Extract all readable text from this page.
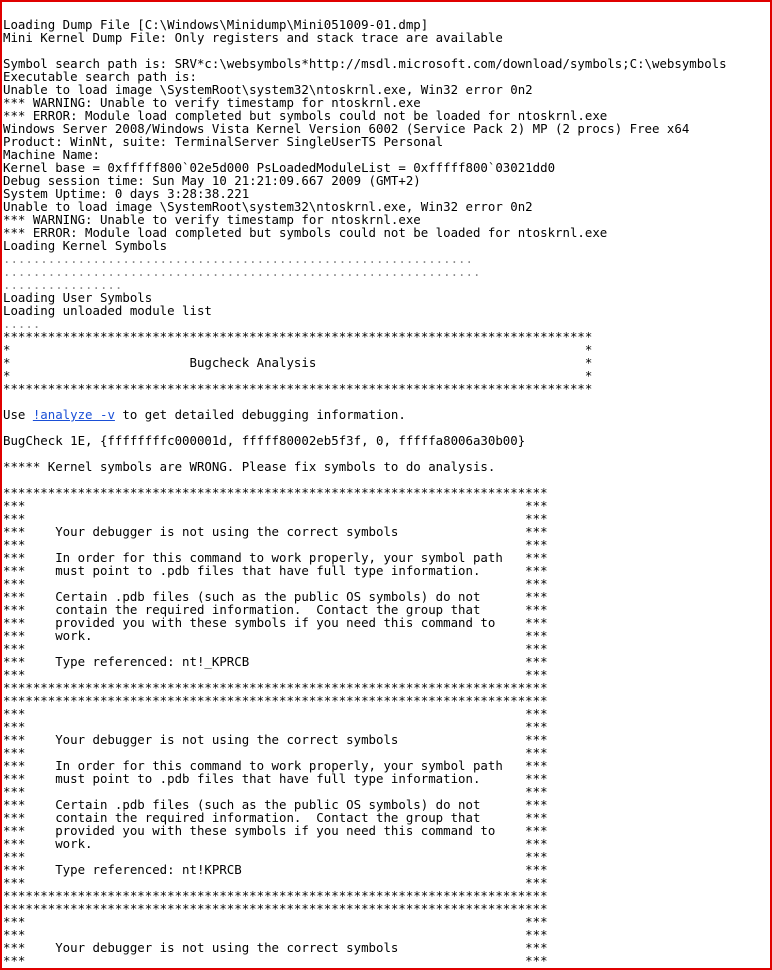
Loading Dump File [C:\Windows\Minidump\Mini051009-01.dmp]
Mini Kernel Dump File: Only registers and stack trace are available
Symbol search path is: SRV*c:\websymbols*http://msdl.microsoft.com/download/symbols;C:\websymbols
Executable search path is:
Unable to load image \SystemRoot\system32\ntoskrnl.exe, Win32 error 0n2
*** WARNING: Unable to verify timestamp for ntoskrnl.exe
*** ERROR: Module load completed but symbols could not be loaded for ntoskrnl.exe
Windows Server 2008/Windows Vista Kernel Version 6002 (Service Pack 2) MP (2 procs) Free x64
Product: WinNt, suite: TerminalServer SingleUserTS Personal
Machine Name:
Kernel base = 0xfffff800`02e5d000 PsLoadedModuleList = 0xfffff800`03021dd0
Debug session time: Sun May 10 21:21:09.667 2009 (GMT+2)
System Uptime: 0 days 3:28:38.221
Unable to load image \SystemRoot\system32\ntoskrnl.exe, Win32 error 0n2
*** WARNING: Unable to verify timestamp for ntoskrnl.exe
*** ERROR: Module load completed but symbols could not be loaded for ntoskrnl.exe
Loading Kernel Symbols
...............................................................
................................................................
................
Loading User Symbols
Loading unloaded module list
.....
*******************************************************************************
*                                                                             *
*                        Bugcheck Analysis                                    *
*                                                                             *
*******************************************************************************
Use !analyze -v to get detailed debugging information.
BugCheck 1E, {ffffffffc000001d, fffff80002eb5f3f, 0, fffffa8006a30b00}
***** Kernel symbols are WRONG. Please fix symbols to do analysis.
*************************************************************************
***                                                                   ***
***                                                                   ***
***    Your debugger is not using the correct symbols                 ***
***                                                                   ***
***    In order for this command to work properly, your symbol path   ***
***    must point to .pdb files that have full type information.      ***
***                                                                   ***
***    Certain .pdb files (such as the public OS symbols) do not      ***
***    contain the required information.  Contact the group that      ***
***    provided you with these symbols if you need this command to    ***
***    work.                                                          ***
***                                                                   ***
***    Type referenced: nt!_KPRCB                                     ***
***                                                                   ***
*************************************************************************
*************************************************************************
***                                                                   ***
***                                                                   ***
***    Your debugger is not using the correct symbols                 ***
***                                                                   ***
***    In order for this command to work properly, your symbol path   ***
***    must point to .pdb files that have full type information.      ***
***                                                                   ***
***    Certain .pdb files (such as the public OS symbols) do not      ***
***    contain the required information.  Contact the group that      ***
***    provided you with these symbols if you need this command to    ***
***    work.                                                          ***
***                                                                   ***
***    Type referenced: nt!KPRCB                                      ***
***                                                                   ***
*************************************************************************
*************************************************************************
***                                                                   ***
***                                                                   ***
***    Your debugger is not using the correct symbols                 ***
***                                                                   ***
